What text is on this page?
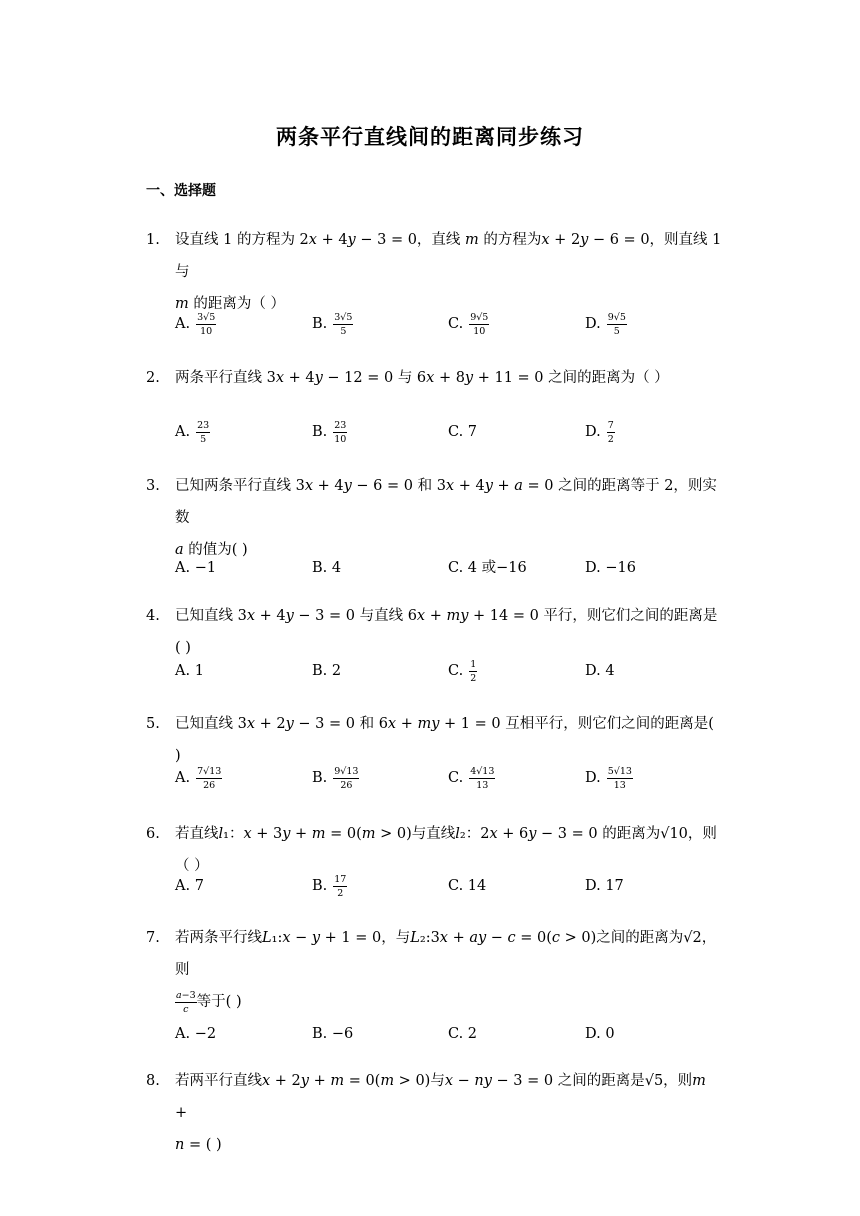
两条平行直线间的距离同步练习
一、选择题
1. 设直线 1 的方程为 2𝑥 + 4𝑦 − 3 = 0，直线 𝑚 的方程为𝑥 + 2𝑦 − 6 = 0，则直线 1 与
𝑚 的距离为（ ）
A. $\frac{3√5}{10}$	B. $\frac{3√5}{5}$	C. $\frac{9√5}{10}$	D. $\frac{9√5}{5}$
2. 两条平行直线 3𝑥 + 4𝑦 − 12 = 0 与 6𝑥 + 8𝑦 + 11 = 0 之间的距离为（ ）
A. $\frac{23}{5}$	B. $\frac{23}{10}$	C. 7	D. $\frac{7}{2}$
3. 已知两条平行直线 3𝑥 + 4𝑦 − 6 = 0 和 3𝑥 + 4𝑦 + 𝑎 = 0 之间的距离等于 2，则实数
𝑎 的值为( )
A. −1	B. 4	C. 4 或−16	D. −16
4. 已知直线 3𝑥 + 4𝑦 − 3 = 0 与直线 6𝑥 + 𝑚𝑦 + 14 = 0 平行，则它们之间的距离是( )
A. 1	B. 2	C. $\frac{1}{2}$	D. 4
5. 已知直线 3𝑥 + 2𝑦 − 3 = 0 和 6𝑥 + 𝑚𝑦 + 1 = 0 互相平行，则它们之间的距离是( )
A. $\frac{7√13}{26}$	B. $\frac{9√13}{26}$	C. $\frac{4√13}{13}$	D. $\frac{5√13}{13}$
6. 若直线𝑙₁：𝑥 + 3𝑦 + 𝑚 = 0(𝑚 > 0)与直线𝑙₂：2𝑥 + 6𝑦 − 3 = 0 的距离为√10，则（ ）
A. 7	B. $\frac{17}{2}$	C. 14	D. 17
7. 若两条平行线𝐿₁:𝑥 − 𝑦 + 1 = 0，与𝐿₂:3𝑥 + 𝑎𝑦 − 𝑐 = 0(𝑐 > 0)之间的距离为√2，则
𝑎−3
𝑐 等于( )
A. −2	B. −6	C. 2	D. 0
8. 若两平行直线𝑥 + 2𝑦 + 𝑚 = 0(𝑚 > 0)与𝑥 − 𝑛𝑦 − 3 = 0 之间的距离是√5，则𝑚 +
𝑛 = ( )
